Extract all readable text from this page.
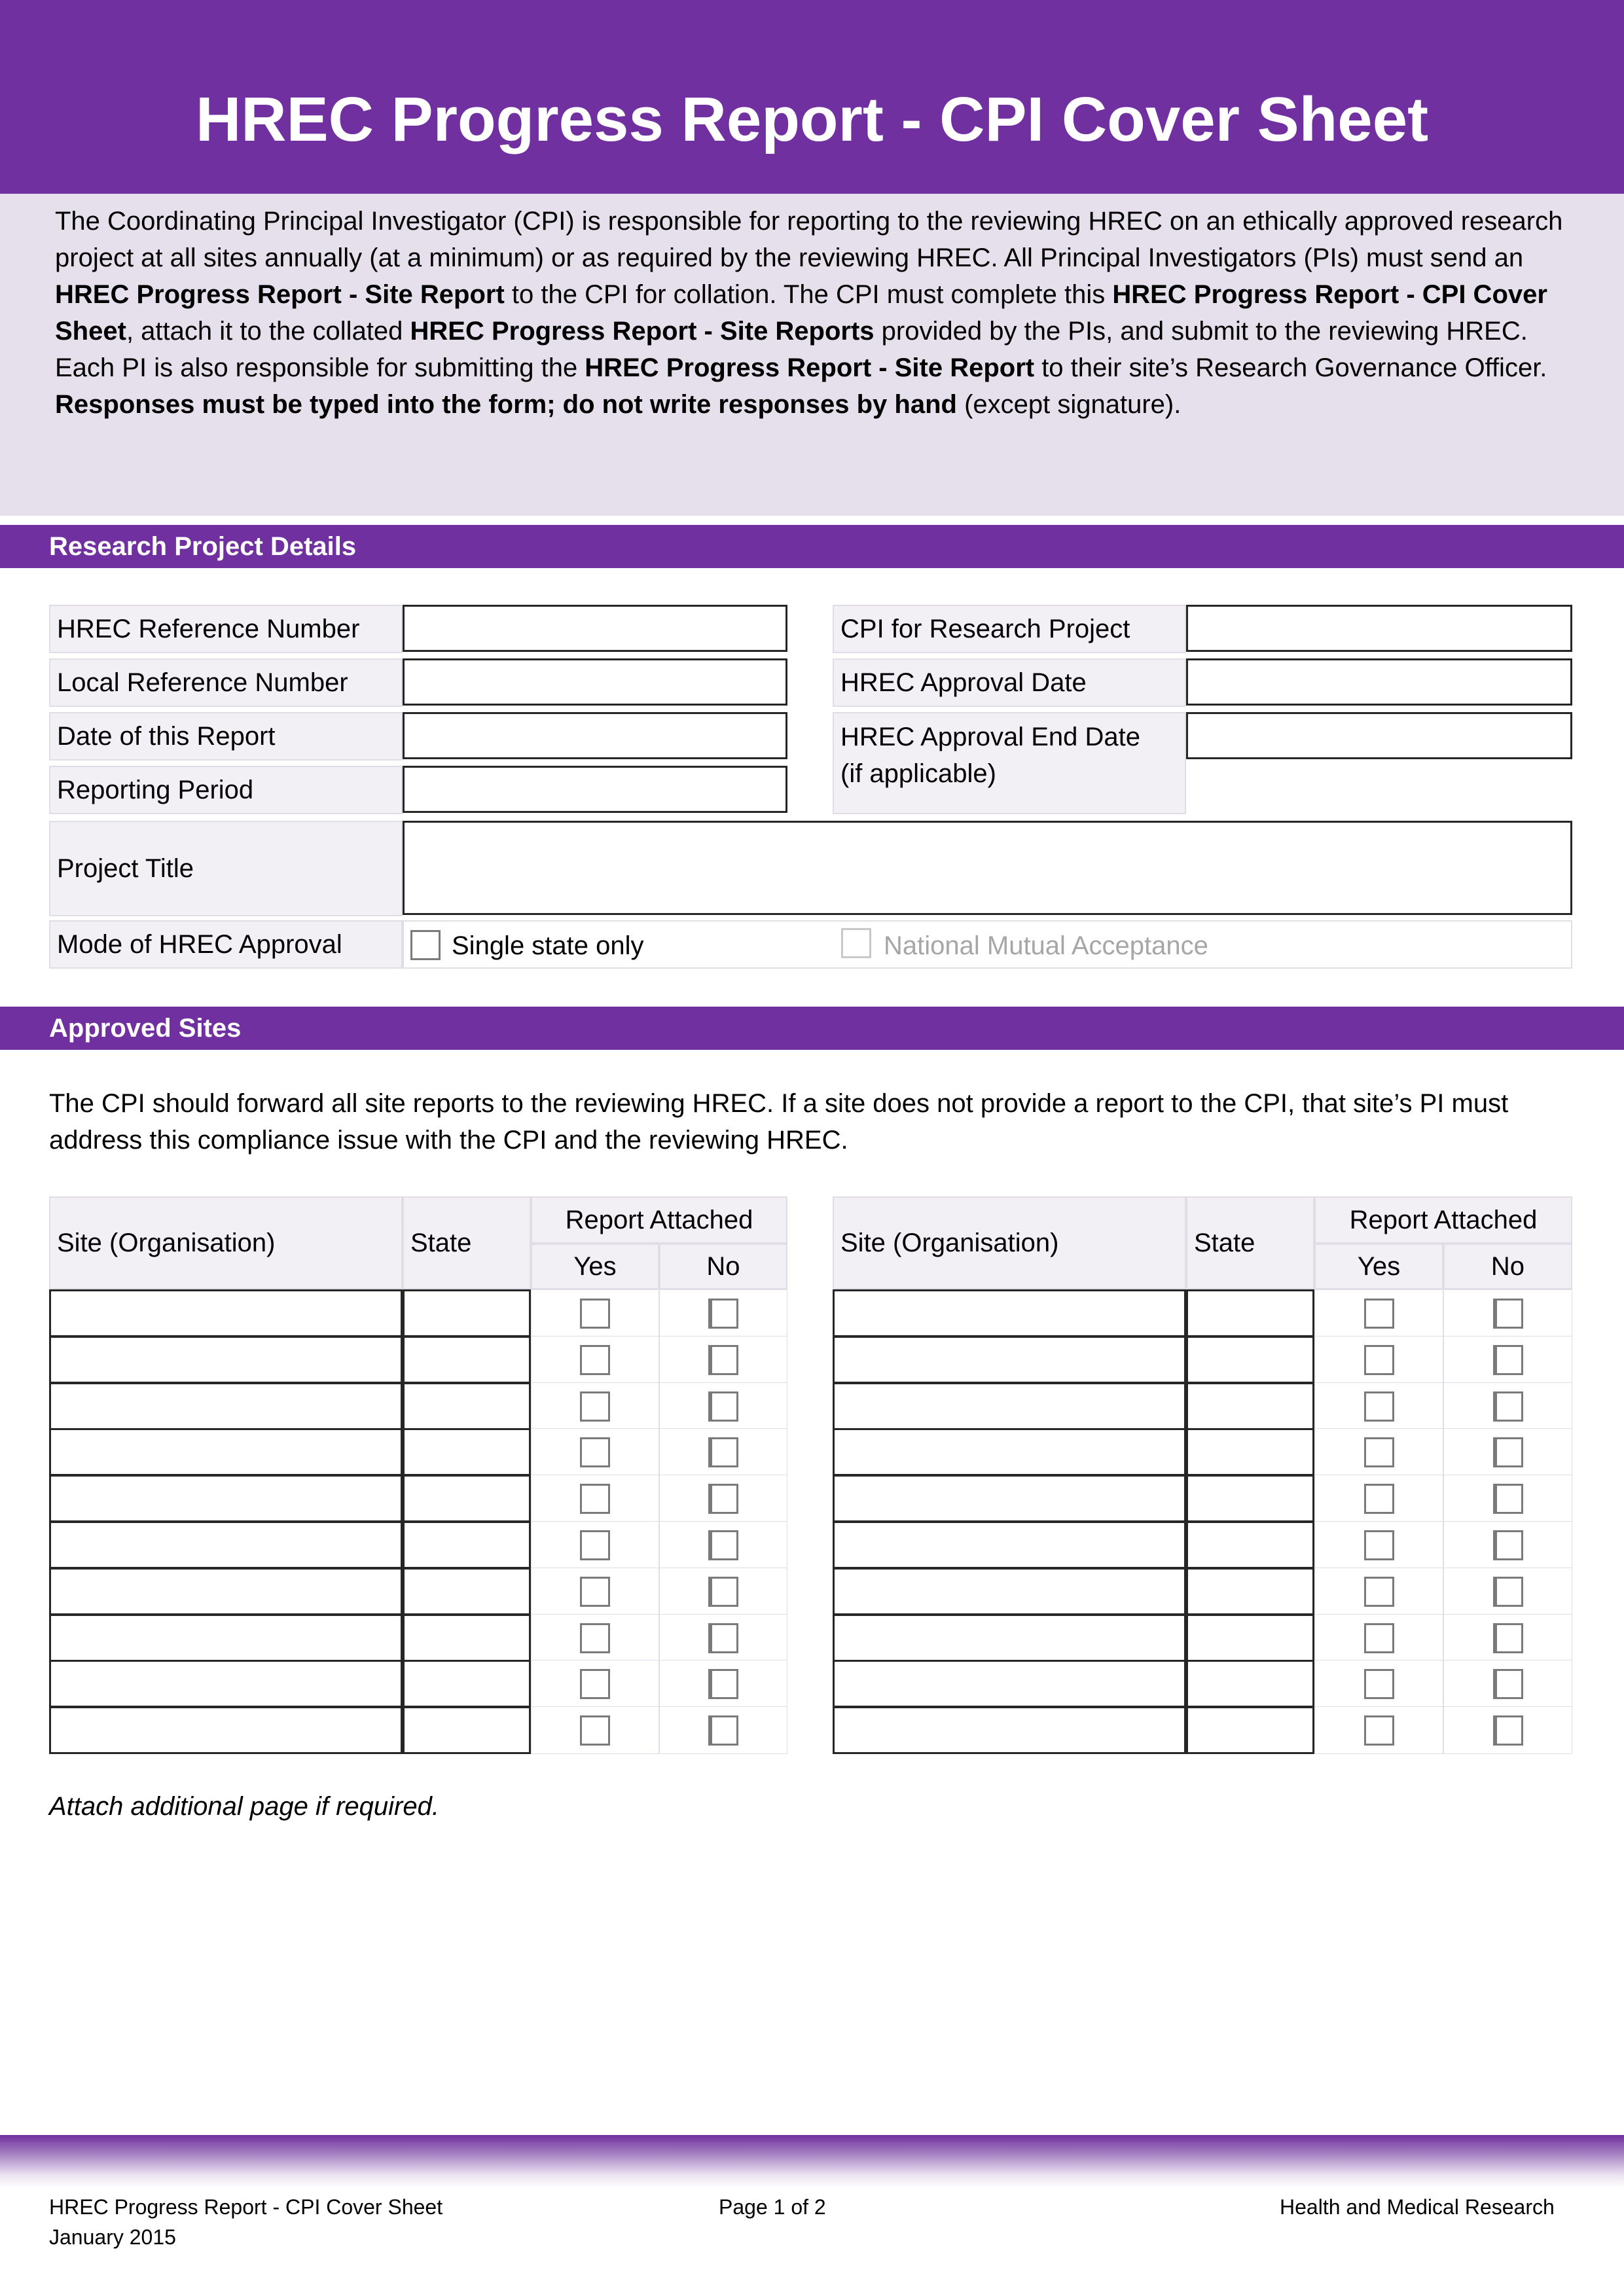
HREC Progress Report - CPI Cover Sheet

The Coordinating Principal Investigator (CPI) is responsible for reporting to the reviewing HREC on an ethically approved research project at all sites annually (at a minimum) or as required by the reviewing HREC. All Principal Investigators (PIs) must send an HREC Progress Report - Site Report to the CPI for collation. The CPI must complete this HREC Progress Report - CPI Cover Sheet, attach it to the collated HREC Progress Report - Site Reports provided by the PIs, and submit to the reviewing HREC.

Each PI is also responsible for submitting the HREC Progress Report - Site Report to their site’s Research Governance Officer.

Responses must be typed into the form; do not write responses by hand (except signature).

Research Project Details
HREC Reference Number
Local Reference Number
Date of this Report
Reporting Period
CPI for Research Project
HREC Approval Date
HREC Approval End Date
(if applicable)
Project Title
Mode of HREC Approval	Single state only	National Mutual Acceptance
Approved Sites
The CPI should forward all site reports to the reviewing HREC. If a site does not provide a report to the CPI, that site’s PI must address this compliance issue with the CPI and the reviewing HREC.
Site (Organisation)	State
Report Attached
Yes	No
Site (Organisation)	State
Report Attached
Yes	No
Attach additional page if required.
HREC Progress Report - CPI Cover Sheet
January 2015
Page 1 of 2	Health and Medical Research
